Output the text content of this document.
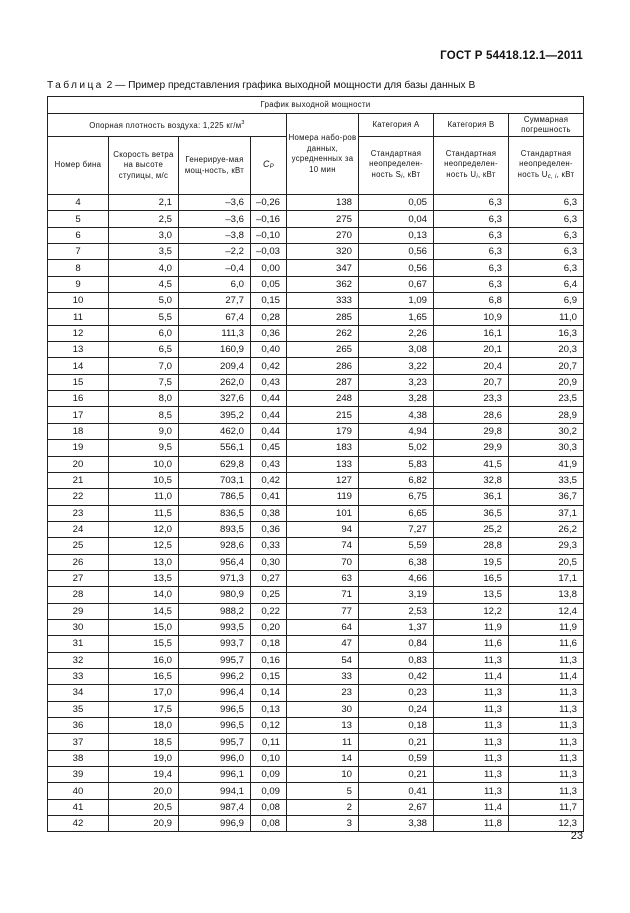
ГОСТ Р 54418.12.1—2011
Таблица 2 — Пример представления графика выходной мощности для базы данных В
График выходной мощности							
Опорная плотность воздуха: 1,225 $кг/м^3$				Номера набо-ров данных, усредненных за 10 мин	Категория А	Категория В	Суммарная погрешность
Номер бина	Скорость ветра на высоте ступицы, м/с	Генерируе-мая мощ-ность, кВт	CP		Стандартная неопределен-ность Si, кВт	Стандартная неопределен-ность Ui, кВт	Стандартная неопределен-ность Uc, i, кВт
4	2,1	–3,6	–0,26	138	0,05	6,3	6,3
5	2,5	–3,6	–0,16	275	0,04	6,3	6,3
6	3,0	–3,8	–0,10	270	0,13	6,3	6,3
7	3,5	–2,2	–0,03	320	0,56	6,3	6,3
8	4,0	–0,4	0,00	347	0,56	6,3	6,3
9	4,5	6,0	0,05	362	0,67	6,3	6,4
10	5,0	27,7	0,15	333	1,09	6,8	6,9
11	5,5	67,4	0,28	285	1,65	10,9	11,0
12	6,0	111,3	0,36	262	2,26	16,1	16,3
13	6,5	160,9	0,40	265	3,08	20,1	20,3
14	7,0	209,4	0,42	286	3,22	20,4	20,7
15	7,5	262,0	0,43	287	3,23	20,7	20,9
16	8,0	327,6	0,44	248	3,28	23,3	23,5
17	8,5	395,2	0,44	215	4,38	28,6	28,9
18	9,0	462,0	0,44	179	4,94	29,8	30,2
19	9,5	556,1	0,45	183	5,02	29,9	30,3
20	10,0	629,8	0,43	133	5,83	41,5	41,9
21	10,5	703,1	0,42	127	6,82	32,8	33,5
22	11,0	786,5	0,41	119	6,75	36,1	36,7
23	11,5	836,5	0,38	101	6,65	36,5	37,1
24	12,0	893,5	0,36	94	7,27	25,2	26,2
25	12,5	928,6	0,33	74	5,59	28,8	29,3
26	13,0	956,4	0,30	70	6,38	19,5	20,5
27	13,5	971,3	0,27	63	4,66	16,5	17,1
28	14,0	980,9	0,25	71	3,19	13,5	13,8
29	14,5	988,2	0,22	77	2,53	12,2	12,4
30	15,0	993,5	0,20	64	1,37	11,9	11,9
31	15,5	993,7	0,18	47	0,84	11,6	11,6
32	16,0	995,7	0,16	54	0,83	11,3	11,3
33	16,5	996,2	0,15	33	0,42	11,4	11,4
34	17,0	996,4	0,14	23	0,23	11,3	11,3
35	17,5	996,5	0,13	30	0,24	11,3	11,3
36	18,0	996,5	0,12	13	0,18	11,3	11,3
37	18,5	995,7	0,11	11	0,21	11,3	11,3
38	19,0	996,0	0,10	14	0,59	11,3	11,3
39	19,4	996,1	0,09	10	0,21	11,3	11,3
40	20,0	994,1	0,09	5	0,41	11,3	11,3
41	20,5	987,4	0,08	2	2,67	11,4	11,7
42	20,9	996,9	0,08	3	3,38	11,8	12,3
23
